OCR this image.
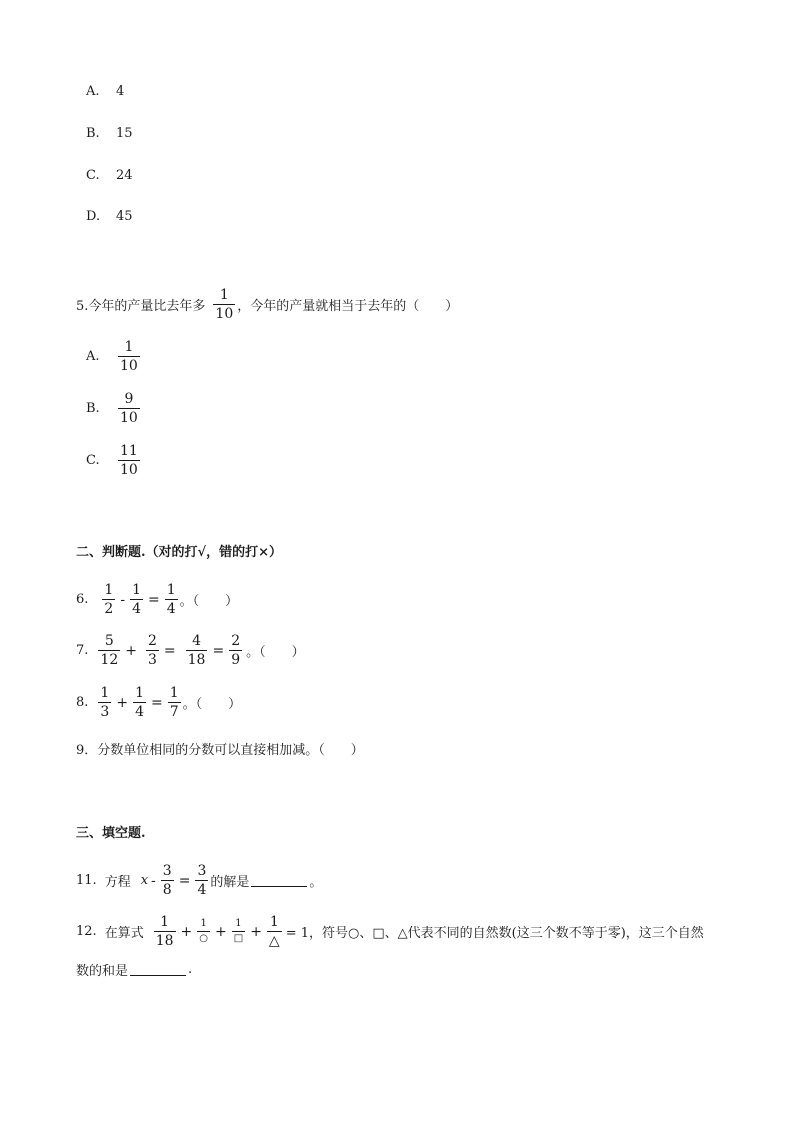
A.	4
B.	15
C.	24
D.	45
5.今年的产量比去年多 $\frac{1}{10}$ ，今年的产量就相当于去年的（　　）
A.	$\frac{1}{10}$
B.	$\frac{9}{10}$
C.	$\frac{11}{10}$
二、判断题.（对的打√，错的打×）
6. $\frac{1}{2} - \frac{1}{4} = \frac{1}{4}$ 。（　　）
7. $\frac{5}{12} + \frac{2}{3} = \frac{4}{18} = \frac{2}{9}$ 。（　　）
8. $\frac{1}{3} + \frac{1}{4} = \frac{1}{7}$ 。（　　）
9．分数单位相同的分数可以直接相加减。（　　）
三、填空题.
11. 方程 $x - \frac{3}{8} = \frac{3}{4}$ 的解是	。
12. 在算式 $\frac{1}{18} + \frac{1}{○} + \frac{1}{□} + \frac{1}{\triangle} = 1$，符号○、□、△代表不同的自然数(这三个数不等于零)，这三个自然
数的和是	.
